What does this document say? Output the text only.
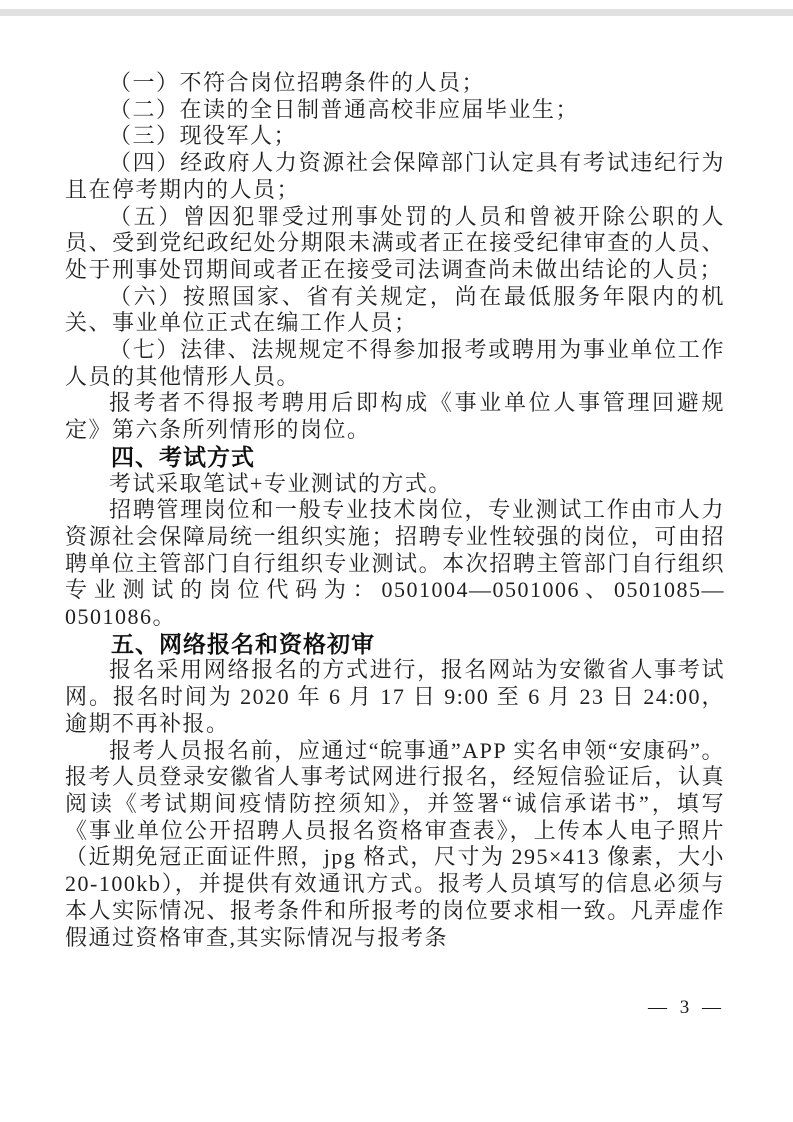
（一）不符合岗位招聘条件的人员；

（二）在读的全日制普通高校非应届毕业生；

（三）现役军人；

（四）经政府人力资源社会保障部门认定具有考试违纪行为且在停考期内的人员；

（五）曾因犯罪受过刑事处罚的人员和曾被开除公职的人员、受到党纪政纪处分期限未满或者正在接受纪律审查的人员、处于刑事处罚期间或者正在接受司法调查尚未做出结论的人员；

（六）按照国家、省有关规定，尚在最低服务年限内的机关、事业单位正式在编工作人员；

（七）法律、法规规定不得参加报考或聘用为事业单位工作人员的其他情形人员。

报考者不得报考聘用后即构成《事业单位人事管理回避规定》第六条所列情形的岗位。

四、考试方式

考试采取笔试+专业测试的方式。

招聘管理岗位和一般专业技术岗位，专业测试工作由市人力资源社会保障局统一组织实施；招聘专业性较强的岗位，可由招聘单位主管部门自行组织专业测试。本次招聘主管部门自行组织专业测试的岗位代码为：0501004—0501006、0501085—0501086。

五、网络报名和资格初审

报名采用网络报名的方式进行，报名网站为安徽省人事考试网。报名时间为 2020 年 6 月 17 日 9:00 至 6 月 23 日 24:00，逾期不再补报。

报考人员报名前，应通过“皖事通”APP 实名申领“安康码”。报考人员登录安徽省人事考试网进行报名，经短信验证后，认真阅读《考试期间疫情防控须知》，并签署“诚信承诺书”，填写《事业单位公开招聘人员报名资格审查表》，上传本人电子照片（近期免冠正面证件照，jpg 格式，尺寸为 295×413 像素，大小 20-100kb），并提供有效通讯方式。报考人员填写的信息必须与本人实际情况、报考条件和所报考的岗位要求相一致。凡弄虚作假通过资格审查,其实际情况与报考条

— 3 —
